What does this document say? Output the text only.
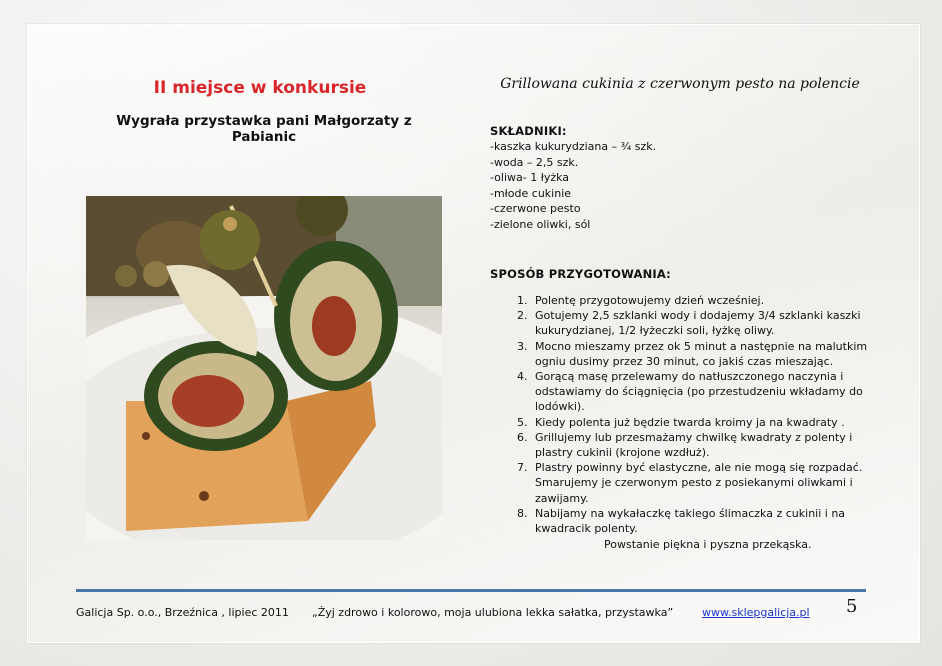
II miejsce w konkursie
Wygrała przystawka pani Małgorzaty z Pabianic
Grillowana cukinia z czerwonym pesto na polencie
SKŁADNIKI:
-kaszka kukurydziana – ¾ szk.
-woda – 2,5 szk.
-oliwa- 1 łyżka
-młode cukinie
-czerwone pesto
-zielone oliwki, sól
SPOSÓB PRZYGOTOWANIA:
1. Polentę przygotowujemy dzień wcześniej.
2. Gotujemy 2,5 szklanki wody i dodajemy 3/4 szklanki kaszki kukurydzianej, 1/2 łyżeczki soli, łyżkę oliwy.
3. Mocno mieszamy przez ok 5 minut a następnie na malutkim ogniu dusimy przez 30 minut, co jakiś czas mieszając.
4. Gorącą masę przelewamy do natłuszczonego naczynia i odstawiamy do ściągnięcia (po przestudzeniu wkładamy do lodówki).
5. Kiedy polenta już będzie twarda kroimy ja na kwadraty .
6. Grillujemy lub przesmażamy chwilkę kwadraty z polenty i plastry cukinii (krojone wzdłuż).
7. Plastry powinny być elastyczne, ale nie mogą się rozpadać. Smarujemy je czerwonym pesto z posiekanymi oliwkami i zawijamy.
8. Nabijamy na wykałaczkę takiego ślimaczka z cukinii i na kwadracik polenty.
Powstanie piękna i pyszna przekąska.
Galicja Sp. o.o., Brzeźnica , lipiec 2011 „Żyj zdrowo i kolorowo, moja ulubiona lekka sałatka, przystawka”	www.sklepgalicja.pl 5
